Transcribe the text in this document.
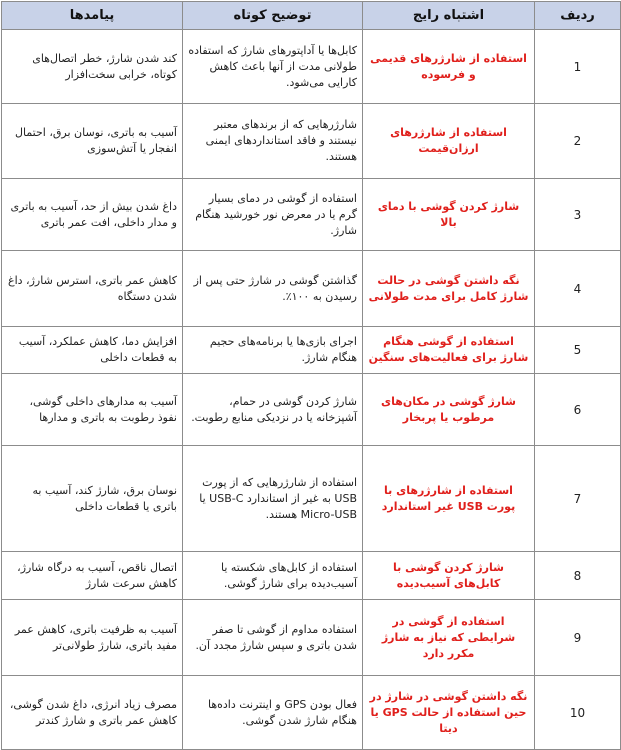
ردیف	اشتباه رایج	توضیح کوتاه	پیامدها
1	استفاده از شارژرهای قدیمی و فرسوده	کابل‌ها یا آداپتورهای شارژ که استفاده طولانی مدت از آنها باعث کاهش کارایی می‌شود.	کند شدن شارژ، خطر اتصال‌های کوتاه، خرابی سخت‌افزار
2	استفاده از شارژرهای ارزان‌قیمت	شارژرهایی که از برندهای معتبر نیستند و فاقد استانداردهای ایمنی هستند.	آسیب به باتری، نوسان برق، احتمال انفجار یا آتش‌سوزی
3	شارژ کردن گوشی با دمای بالا	استفاده از گوشی در دمای بسیار گرم یا در معرض نور خورشید هنگام شارژ.	داغ شدن بیش از حد، آسیب به باتری و مدار داخلی، افت عمر باتری
4	نگه داشتن گوشی در حالت شارژ کامل برای مدت طولانی	گذاشتن گوشی در شارژ حتی پس از رسیدن به ۱۰۰٪.	کاهش عمر باتری، استرس شارژ، داغ شدن دستگاه
5	استفاده از گوشی هنگام شارژ برای فعالیت‌های سنگین	اجرای بازی‌ها یا برنامه‌های حجیم هنگام شارژ.	افزایش دما، کاهش عملکرد، آسیب به قطعات داخلی
6	شارژ گوشی در مکان‌های مرطوب یا پربخار	شارژ کردن گوشی در حمام، آشپزخانه یا در نزدیکی منابع رطوبت.	آسیب به مدارهای داخلی گوشی، نفوذ رطوبت به باتری و مدارها
7	استفاده از شارژرهای با پورت USB غیر استاندارد	استفاده از شارژرهایی که از پورت USB به غیر از استاندارد USB-C یا Micro-USB هستند.	نوسان برق، شارژ کند، آسیب به باتری یا قطعات داخلی
8	شارژ کردن گوشی با کابل‌های آسیب‌دیده	استفاده از کابل‌های شکسته یا آسیب‌دیده برای شارژ گوشی.	اتصال ناقص، آسیب به درگاه شارژ، کاهش سرعت شارژ
9	استفاده از گوشی در شرایطی که نیاز به شارژ مکرر دارد	استفاده مداوم از گوشی تا صفر شدن باتری و سپس شارژ مجدد آن.	آسیب به ظرفیت باتری، کاهش عمر مفید باتری، شارژ طولانی‌تر
10	نگه داشتن گوشی در شارژ در حین استفاده از حالت GPS یا دیتا	فعال بودن GPS و اینترنت داده‌ها هنگام شارژ شدن گوشی.	مصرف زیاد انرژی، داغ شدن گوشی، کاهش عمر باتری و شارژ کندتر
